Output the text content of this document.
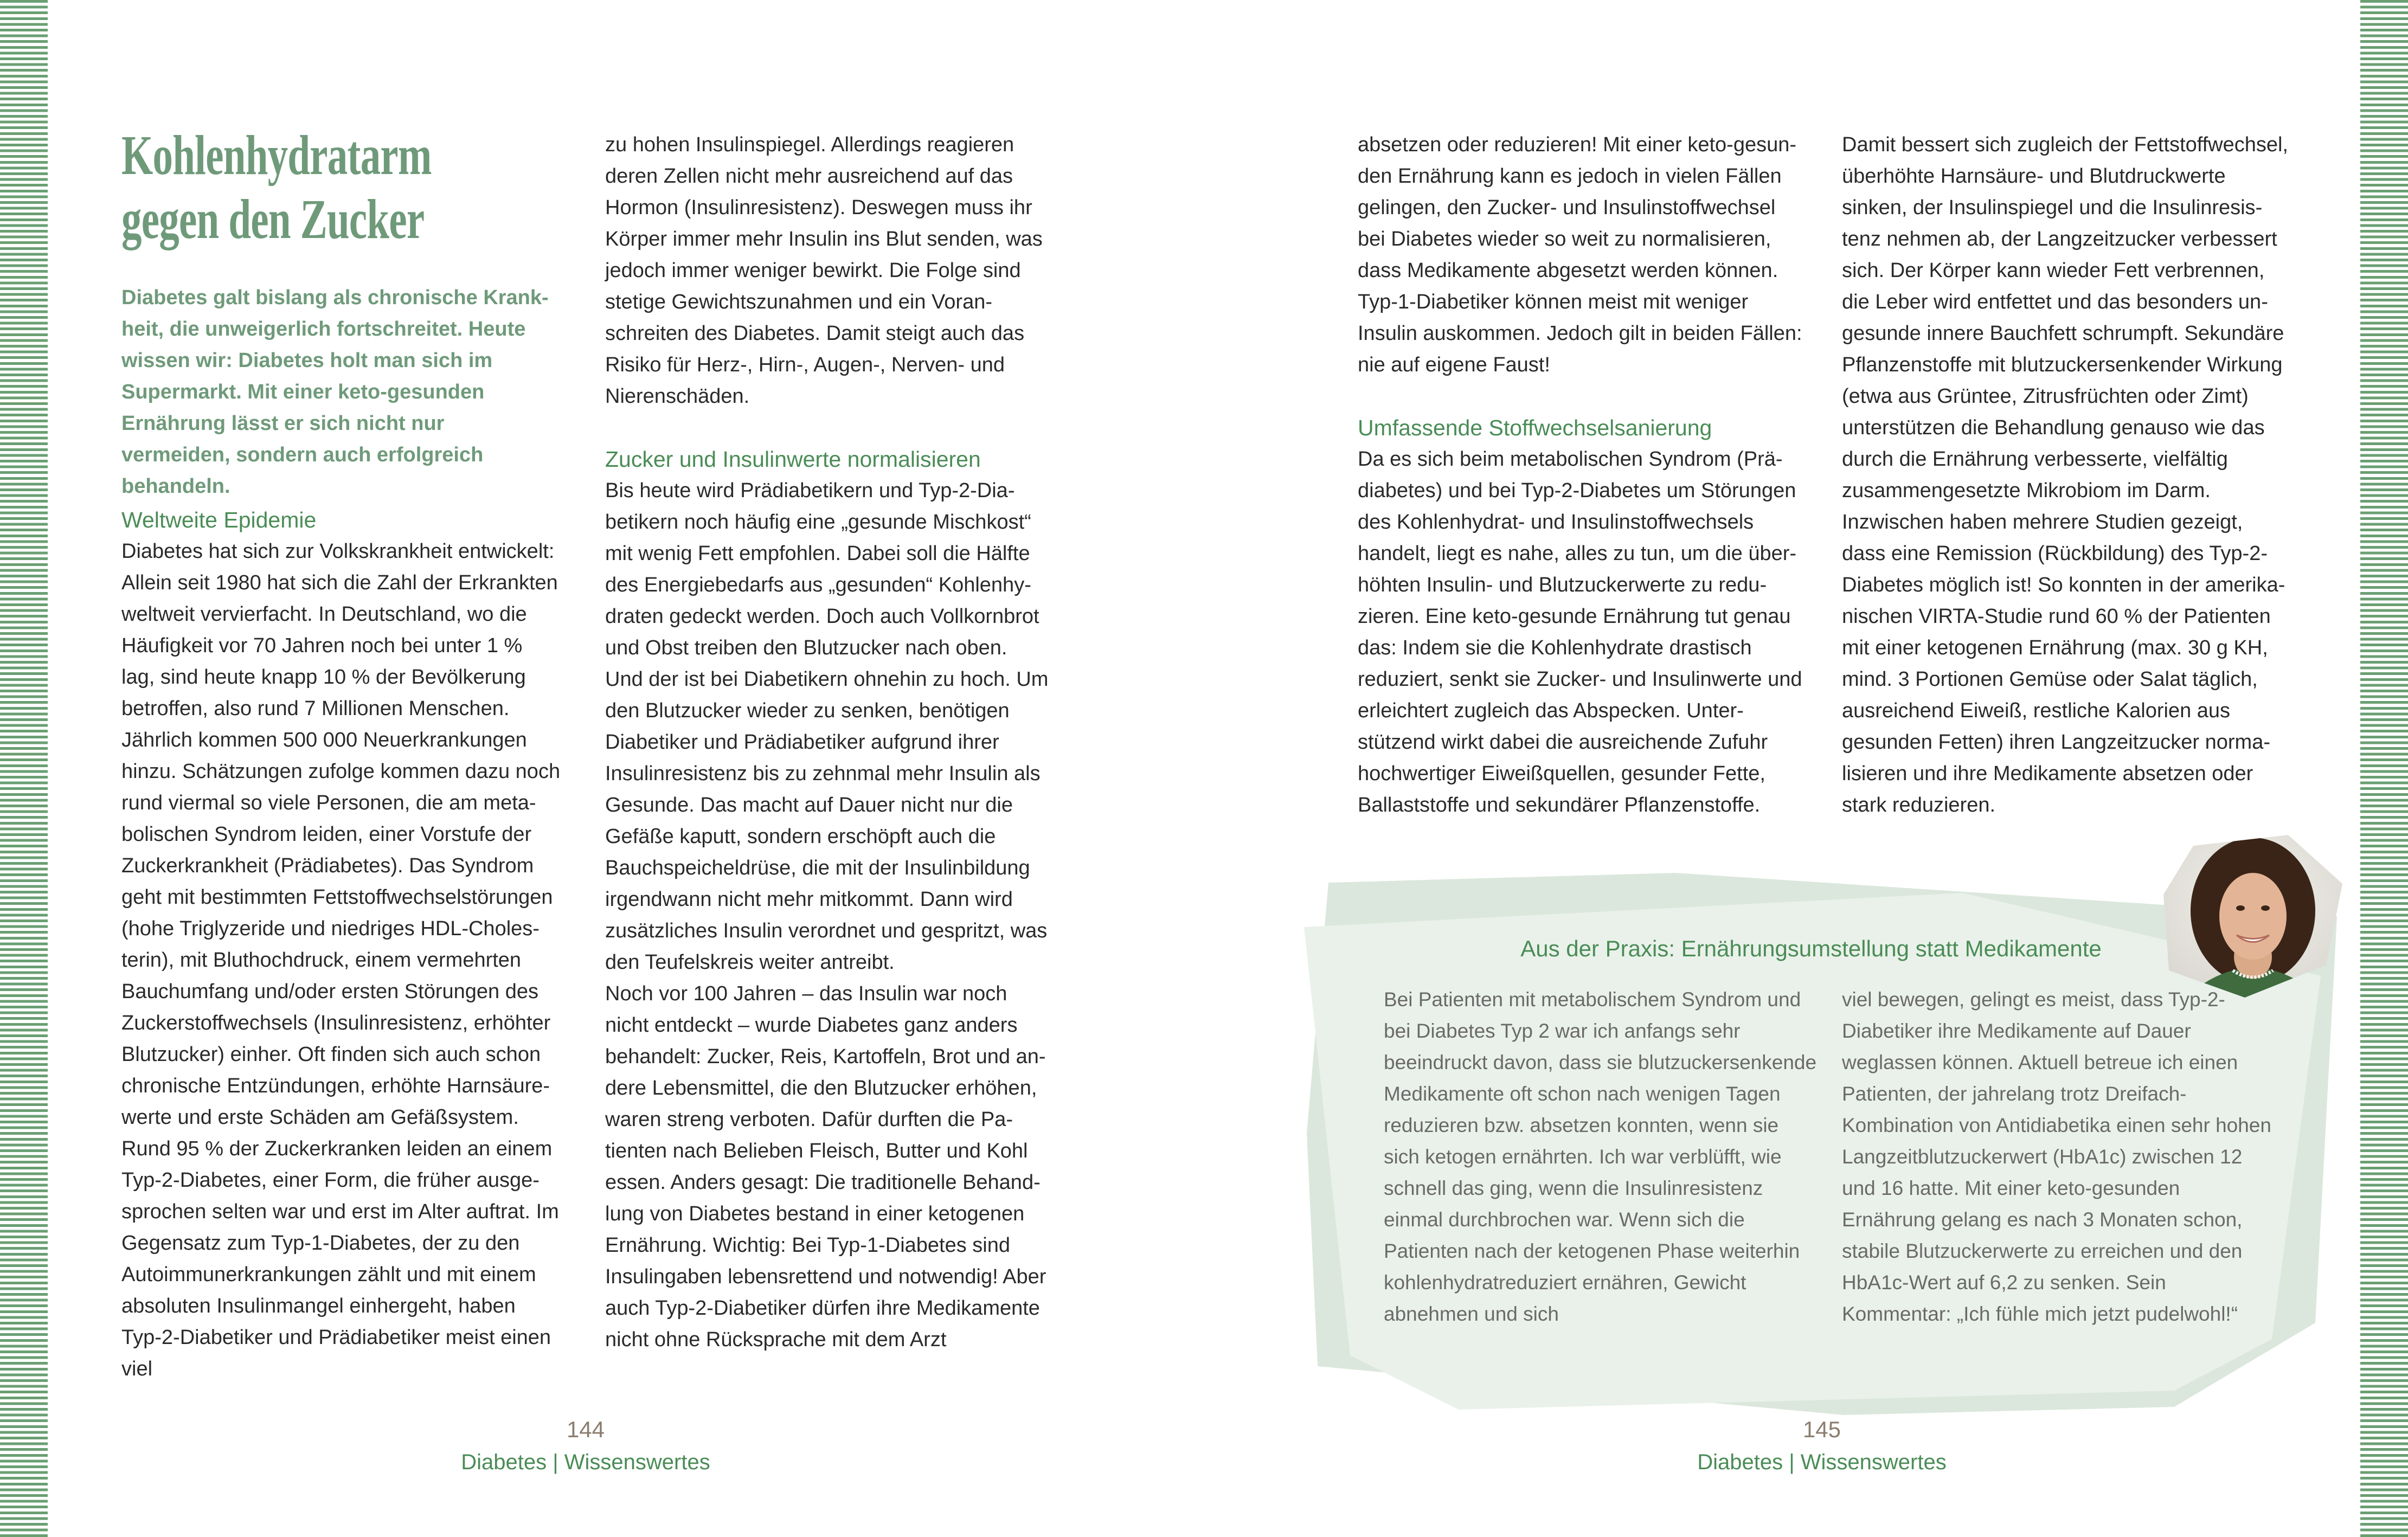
Kohlenhydratarm
gegen den Zucker

Diabetes galt bislang als chronische Krankheit, die unweigerlich fortschreitet. Heute wissen wir: Diabetes holt man sich im Supermarkt. Mit einer keto-gesunden Ernährung lässt er sich nicht nur vermeiden, sondern auch erfolgreich behandeln.

Weltweite Epidemie

Diabetes hat sich zur Volkskrankheit entwickelt: Allein seit 1980 hat sich die Zahl der Erkrankten weltweit vervierfacht. In Deutschland, wo die Häufigkeit vor 70 Jahren noch bei unter 1 % lag, sind heute knapp 10 % der Bevölkerung betroffen, also rund 7 Millionen Menschen. Jährlich kommen 500 000 Neuerkrankungen hinzu. Schätzungen zufolge kommen dazu noch rund viermal so viele Personen, die am metabolischen Syndrom leiden, einer Vorstufe der Zuckerkrankheit (Prädiabetes). Das Syndrom geht mit bestimmten Fettstoffwechselstörungen (hohe Triglyzeride und niedriges HDL-Cholesterin), mit Bluthochdruck, einem vermehrten Bauchumfang und/oder ersten Störungen des Zuckerstoffwechsels (Insulinresistenz, erhöhter Blutzucker) einher. Oft finden sich auch schon chronische Entzündungen, erhöhte Harnsäurewerte und erste Schäden am Gefäßsystem. Rund 95 % der Zuckerkranken leiden an einem Typ-2-Diabetes, einer Form, die früher ausgesprochen selten war und erst im Alter auftrat. Im Gegensatz zum Typ-1-Diabetes, der zu den Autoimmunerkrankungen zählt und mit einem absoluten Insulinmangel einhergeht, haben Typ-2-Diabetiker und Prädiabetiker meist einen viel

zu hohen Insulinspiegel. Allerdings reagieren deren Zellen nicht mehr ausreichend auf das Hormon (Insulinresistenz). Deswegen muss ihr Körper immer mehr Insulin ins Blut senden, was jedoch immer weniger bewirkt. Die Folge sind stetige Gewichtszunahmen und ein Voranschreiten des Diabetes. Damit steigt auch das Risiko für Herz-, Hirn-, Augen-, Nerven- und Nierenschäden.

Zucker und Insulinwerte normalisieren

Bis heute wird Prädiabetikern und Typ-2-Diabetikern noch häufig eine „gesunde Mischkost“ mit wenig Fett empfohlen. Dabei soll die Hälfte des Energiebedarfs aus „gesunden“ Kohlenhydraten gedeckt werden. Doch auch Vollkornbrot und Obst treiben den Blutzucker nach oben. Und der ist bei Diabetikern ohnehin zu hoch. Um den Blutzucker wieder zu senken, benötigen Diabetiker und Prädiabetiker aufgrund ihrer Insulinresistenz bis zu zehnmal mehr Insulin als Gesunde. Das macht auf Dauer nicht nur die Gefäße kaputt, sondern erschöpft auch die Bauchspeicheldrüse, die mit der Insulinbildung irgendwann nicht mehr mitkommt. Dann wird zusätzliches Insulin verordnet und gespritzt, was den Teufelskreis weiter antreibt.

Noch vor 100 Jahren – das Insulin war noch nicht entdeckt – wurde Diabetes ganz anders behandelt: Zucker, Reis, Kartoffeln, Brot und andere Lebensmittel, die den Blutzucker erhöhen, waren streng verboten. Dafür durften die Patienten nach Belieben Fleisch, Butter und Kohl essen. Anders gesagt: Die traditionelle Behandlung von Diabetes bestand in einer ketogenen Ernährung. Wichtig: Bei Typ-1-Diabetes sind Insulingaben lebensrettend und notwendig! Aber auch Typ-2-Diabetiker dürfen ihre Medikamente nicht ohne Rücksprache mit dem Arzt

144
Diabetes | Wissenswertes

absetzen oder reduzieren! Mit einer keto-gesunden Ernährung kann es jedoch in vielen Fällen gelingen, den Zucker- und Insulinstoffwechsel bei Diabetes wieder so weit zu normalisieren, dass Medikamente abgesetzt werden können. Typ-1-Diabetiker können meist mit weniger Insulin auskommen. Jedoch gilt in beiden Fällen: nie auf eigene Faust!

Umfassende Stoffwechselsanierung

Da es sich beim metabolischen Syndrom (Prädiabetes) und bei Typ-2-Diabetes um Störungen des Kohlenhydrat- und Insulinstoffwechsels handelt, liegt es nahe, alles zu tun, um die überhöhten Insulin- und Blutzuckerwerte zu reduzieren. Eine keto-gesunde Ernährung tut genau das: Indem sie die Kohlenhydrate drastisch reduziert, senkt sie Zucker- und Insulinwerte und erleichtert zugleich das Abspecken. Unterstützend wirkt dabei die ausreichende Zufuhr hochwertiger Eiweißquellen, gesunder Fette, Ballaststoffe und sekundärer Pflanzenstoffe.

Damit bessert sich zugleich der Fettstoffwechsel, überhöhte Harnsäure- und Blutdruckwerte sinken, der Insulinspiegel und die Insulinresistenz nehmen ab, der Langzeitzucker verbessert sich. Der Körper kann wieder Fett verbrennen, die Leber wird entfettet und das besonders ungesunde innere Bauchfett schrumpft. Sekundäre Pflanzenstoffe mit blutzuckersenkender Wirkung (etwa aus Grüntee, Zitrusfrüchten oder Zimt) unterstützen die Behandlung genauso wie das durch die Ernährung verbesserte, vielfältig zusammengesetzte Mikrobiom im Darm. Inzwischen haben mehrere Studien gezeigt, dass eine Remission (Rückbildung) des Typ-2-Diabetes möglich ist! So konnten in der amerikanischen VIRTA-Studie rund 60 % der Patienten mit einer ketogenen Ernährung (max. 30 g KH, mind. 3 Portionen Gemüse oder Salat täglich, ausreichend Eiweiß, restliche Kalorien aus gesunden Fetten) ihren Langzeitzucker normalisieren und ihre Medikamente absetzen oder stark reduzieren.

Aus der Praxis: Ernährungsumstellung statt Medikamente
Bei Patienten mit metabolischem Syndrom und bei Diabetes Typ 2 war ich anfangs sehr beeindruckt davon, dass sie blutzuckersenkende Medikamente oft schon nach wenigen Tagen reduzieren bzw. absetzen konnten, wenn sie sich ketogen ernährten. Ich war verblüfft, wie schnell das ging, wenn die Insulinresistenz einmal durchbrochen war. Wenn sich die Patienten nach der ketogenen Phase weiterhin kohlenhydratreduziert ernähren, Gewicht abnehmen und sich
viel bewegen, gelingt es meist, dass Typ-2-Diabetiker ihre Medikamente auf Dauer weglassen können. Aktuell betreue ich einen Patienten, der jahrelang trotz Dreifach-Kombination von Antidiabetika einen sehr hohen Langzeitblutzuckerwert (HbA1c) zwischen 12 und 16 hatte. Mit einer keto-gesunden Ernährung gelang es nach 3 Monaten schon, stabile Blutzuckerwerte zu erreichen und den HbA1c-Wert auf 6,2 zu senken. Sein Kommentar: „Ich fühle mich jetzt pudelwohl!“
145
Diabetes | Wissenswertes
